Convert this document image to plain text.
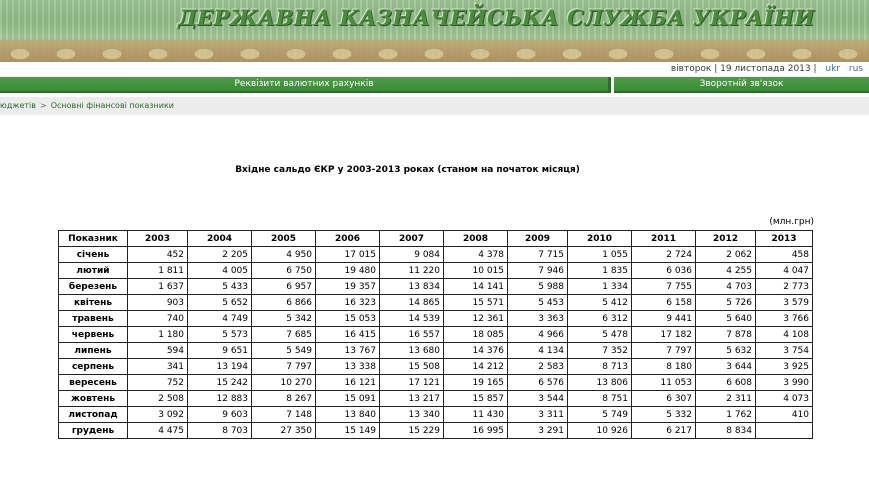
ДЕРЖАВНА КАЗНАЧЕЙСЬКА СЛУЖБА УКРАЇНИ
вівторок | 19 листопада 2013 | ukr rus
Реквізити валютних рахунків	Зворотній зв'язок
юджетів > Основні фінансові показники
Вхідне сальдо ЄКР у 2003-2013 роках (станом на початок місяця)
(млн.грн)
Показник	2003	2004	2005	2006	2007	2008	2009	2010	2011	2012	2013
січень	452	2 205	4 950	17 015	9 084	4 378	7 715	1 055	2 724	2 062	458
лютий	1 811	4 005	6 750	19 480	11 220	10 015	7 946	1 835	6 036	4 255	4 047
березень	1 637	5 433	6 957	19 357	13 834	14 141	5 988	1 334	7 755	4 703	2 773
квітень	903	5 652	6 866	16 323	14 865	15 571	5 453	5 412	6 158	5 726	3 579
травень	740	4 749	5 342	15 053	14 539	12 361	3 363	6 312	9 441	5 640	3 766
червень	1 180	5 573	7 685	16 415	16 557	18 085	4 966	5 478	17 182	7 878	4 108
липень	594	9 651	5 549	13 767	13 680	14 376	4 134	7 352	7 797	5 632	3 754
серпень	341	13 194	7 797	13 338	15 508	14 212	2 583	8 713	8 180	3 644	3 925
вересень	752	15 242	10 270	16 121	17 121	19 165	6 576	13 806	11 053	6 608	3 990
жовтень	2 508	12 883	8 267	15 091	13 217	15 857	3 544	8 751	6 307	2 311	4 073
листопад	3 092	9 603	7 148	13 840	13 340	11 430	3 311	5 749	5 332	1 762	410
грудень	4 475	8 703	27 350	15 149	15 229	16 995	3 291	10 926	6 217	8 834	
